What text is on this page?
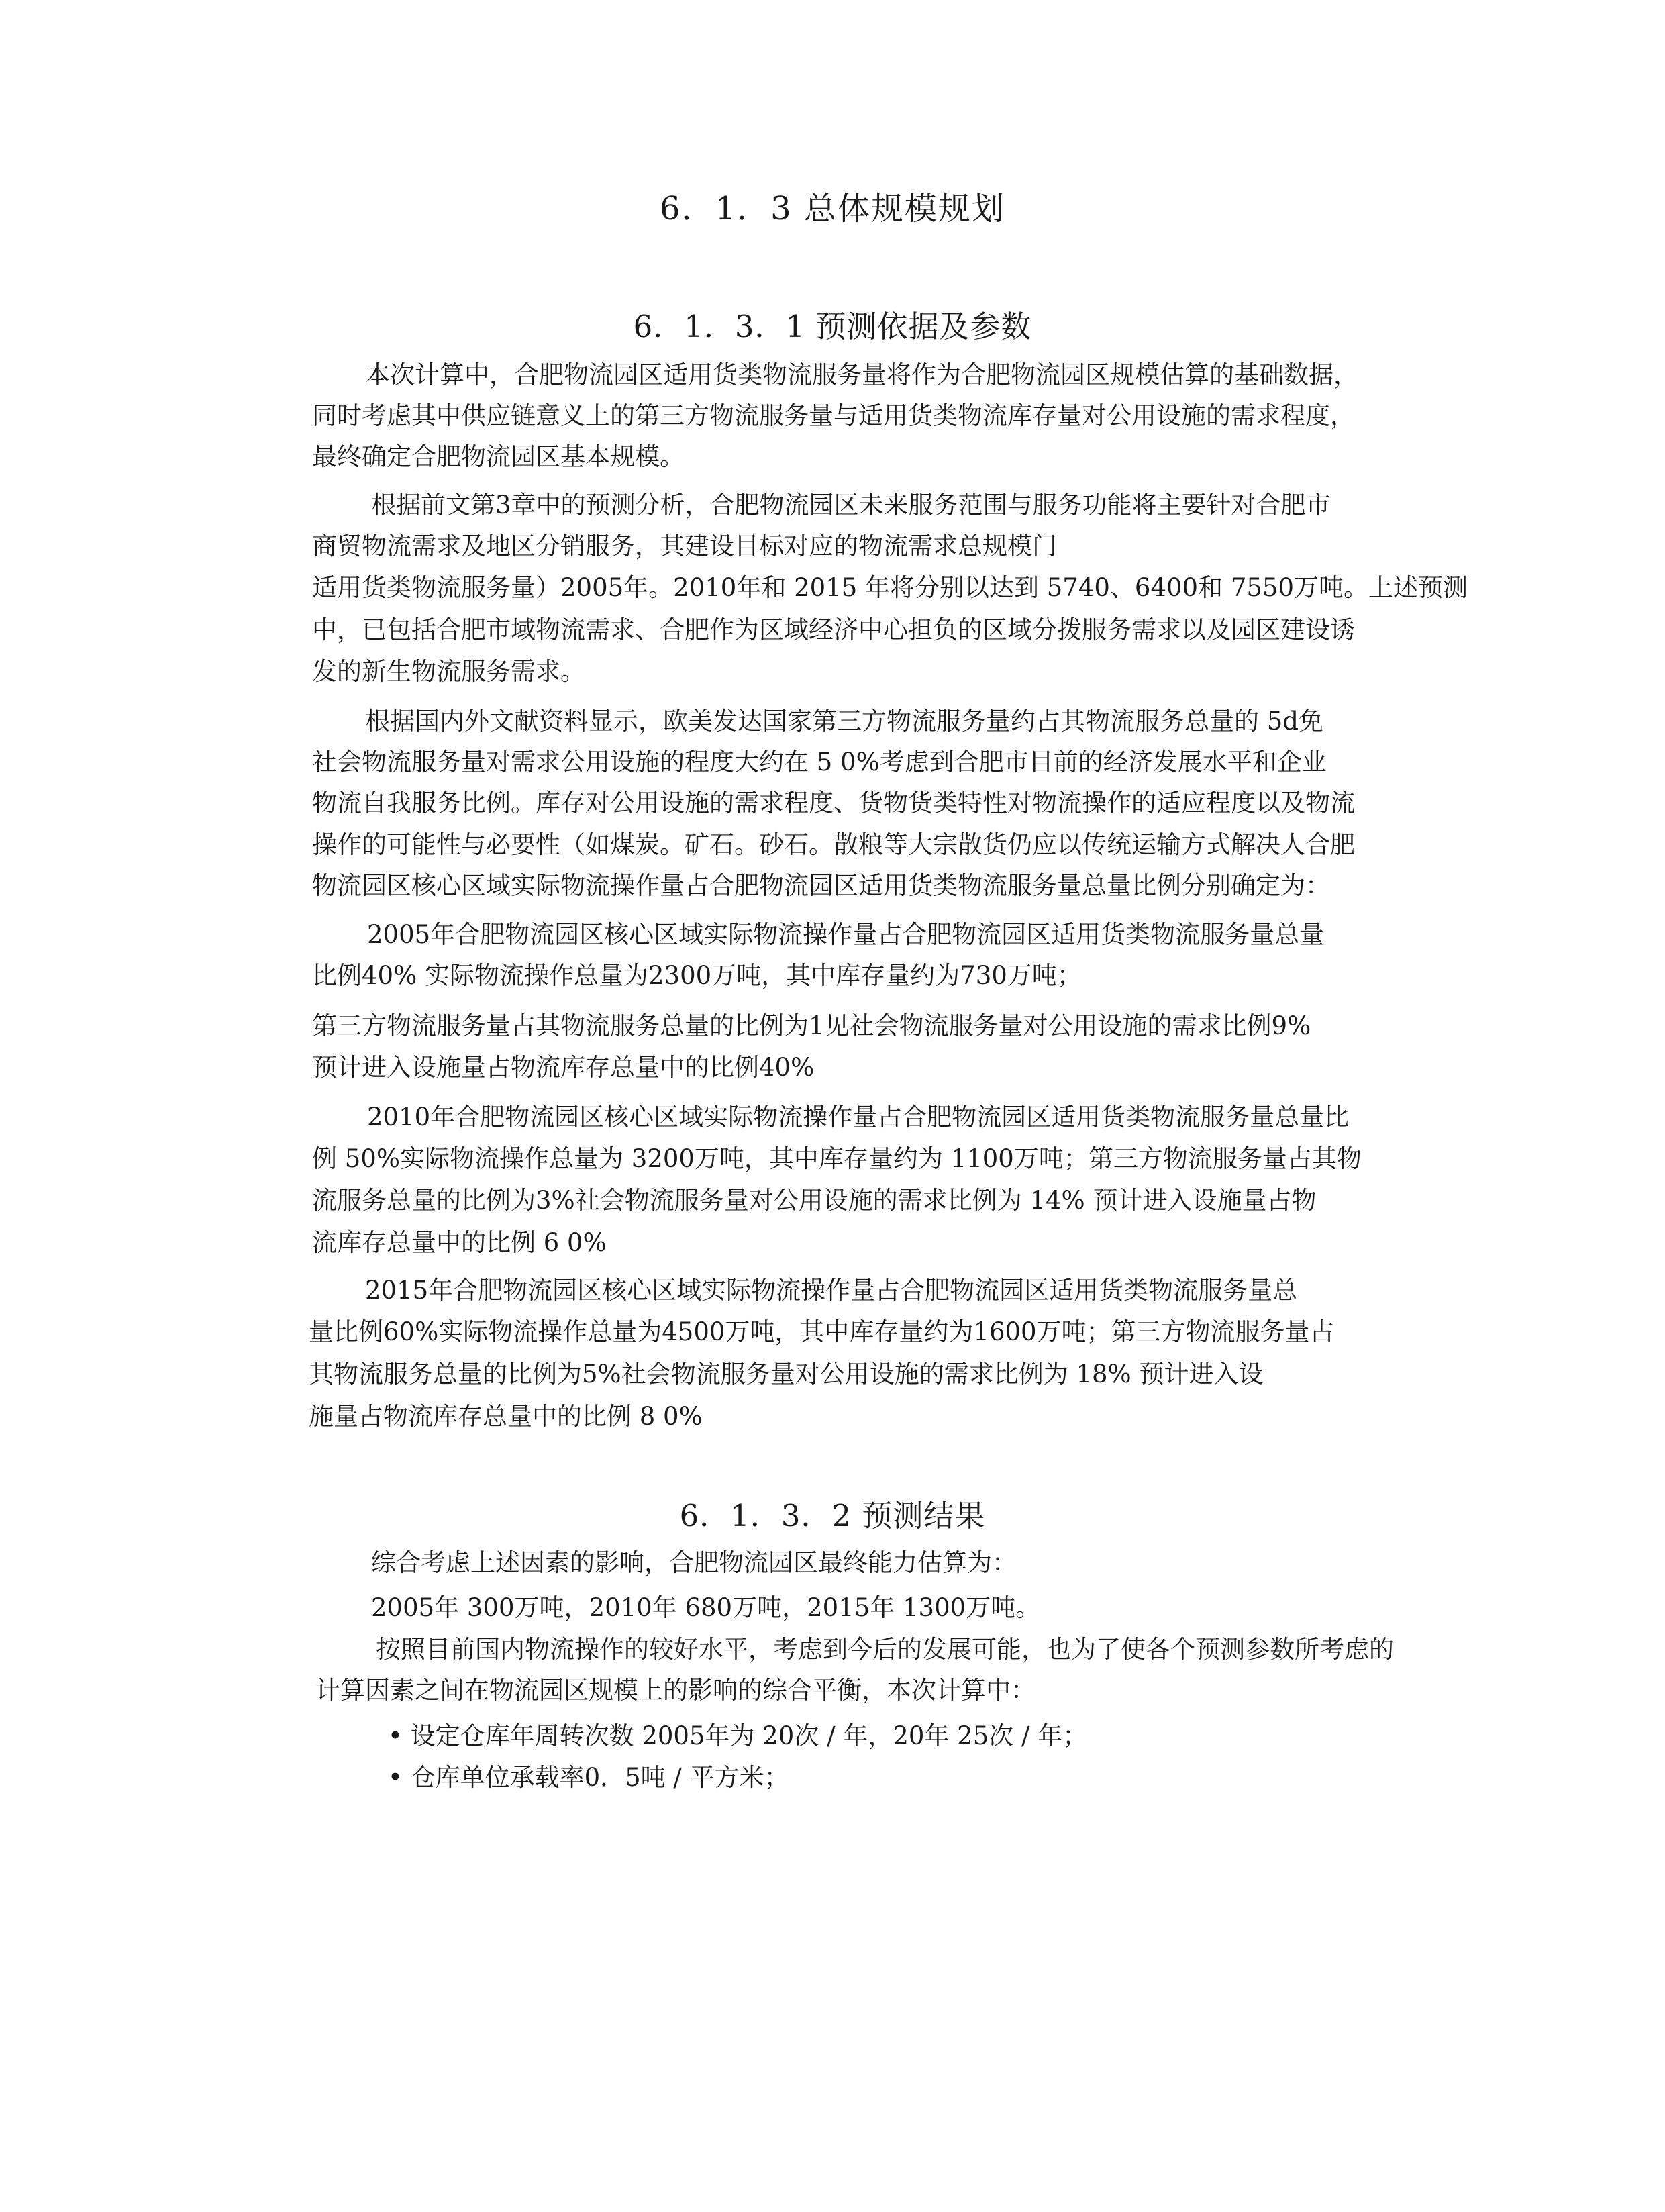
6．1．3 总体规模规划
6．1．3．1 预测依据及参数

本次计算中，合肥物流园区适用货类物流服务量将作为合肥物流园区规模估算的基础数据，

同时考虑其中供应链意义上的第三方物流服务量与适用货类物流库存量对公用设施的需求程度，

最终确定合肥物流园区基本规模。

根据前文第3章中的预测分析，合肥物流园区未来服务范围与服务功能将主要针对合肥市

商贸物流需求及地区分销服务，其建设目标对应的物流需求总规模门

适用货类物流服务量）2005年。2010年和 2015 年将分别以达到 5740、6400和 7550万吨。上述预测

中，已包括合肥市域物流需求、合肥作为区域经济中心担负的区域分拨服务需求以及园区建设诱

发的新生物流服务需求。

根据国内外文献资料显示，欧美发达国家第三方物流服务量约占其物流服务总量的 5d免

社会物流服务量对需求公用设施的程度大约在 5 0%考虑到合肥市目前的经济发展水平和企业

物流自我服务比例。库存对公用设施的需求程度、货物货类特性对物流操作的适应程度以及物流

操作的可能性与必要性（如煤炭。矿石。砂石。散粮等大宗散货仍应以传统运输方式解决人合肥

物流园区核心区域实际物流操作量占合肥物流园区适用货类物流服务量总量比例分别确定为：

2005年合肥物流园区核心区域实际物流操作量占合肥物流园区适用货类物流服务量总量

比例40% 实际物流操作总量为2300万吨，其中库存量约为730万吨；

第三方物流服务量占其物流服务总量的比例为1见社会物流服务量对公用设施的需求比例9%

预计进入设施量占物流库存总量中的比例40%

2010年合肥物流园区核心区域实际物流操作量占合肥物流园区适用货类物流服务量总量比

例 50%实际物流操作总量为 3200万吨，其中库存量约为 1100万吨；第三方物流服务量占其物

流服务总量的比例为3%社会物流服务量对公用设施的需求比例为 14% 预计进入设施量占物

流库存总量中的比例 6 0%

2015年合肥物流园区核心区域实际物流操作量占合肥物流园区适用货类物流服务量总

量比例60%实际物流操作总量为4500万吨，其中库存量约为1600万吨；第三方物流服务量占

其物流服务总量的比例为5%社会物流服务量对公用设施的需求比例为 18% 预计进入设

施量占物流库存总量中的比例 8 0%

6．1．3．2 预测结果

综合考虑上述因素的影响，合肥物流园区最终能力估算为：

2005年 300万吨，2010年 680万吨，2015年 1300万吨。

按照目前国内物流操作的较好水平，考虑到今后的发展可能，也为了使各个预测参数所考虑的

计算因素之间在物流园区规模上的影响的综合平衡，本次计算中：

• 设定仓库年周转次数 2005年为 20次 / 年，20年 25次 / 年；

• 仓库单位承载率0．5吨 / 平方米；
